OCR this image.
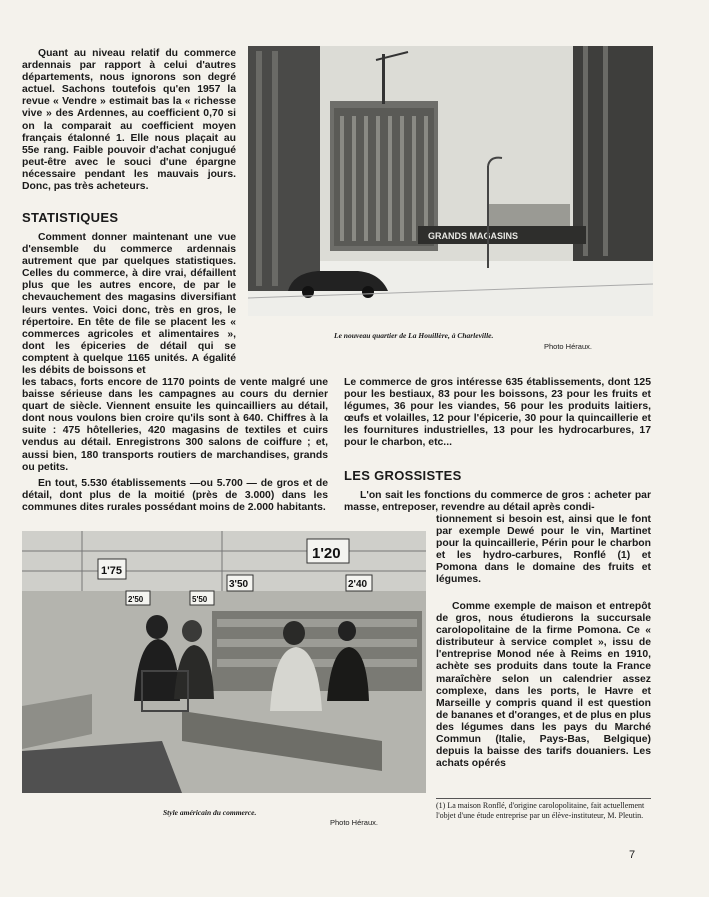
Quant au niveau relatif du commerce ardennais par rapport à celui d'autres départements, nous ignorons son degré actuel. Sachons toutefois qu'en 1957 la revue « Vendre » estimait bas la « richesse vive » des Ardennes, au coefficient 0,70 si on la comparait au coefficient moyen français étalonné 1. Elle nous plaçait au 55e rang. Faible pouvoir d'achat conjugué peut-être avec le souci d'une épargne nécessaire pendant les mauvais jours. Donc, pas très acheteurs.

STATISTIQUES

Comment donner maintenant une vue d'ensemble du commerce ardennais autrement que par quelques statistiques. Celles du commerce, à dire vrai, défaillent plus que les autres encore, de par le chevauchement des magasins diversifiant leurs ventes. Voici donc, très en gros, le répertoire. En tête de file se placent les « commerces agricoles et alimentaires », dont les épiceries de détail qui se comptent à quelque 1165 unités. A égalité les débits de boissons et

les tabacs, forts encore de 1170 points de vente malgré une baisse sérieuse dans les campagnes au cours du dernier quart de siècle. Viennent ensuite les quincailliers au détail, dont nous voulons bien croire qu'ils sont à 640. Chiffres à la suite : 475 hôtelleries, 420 magasins de textiles et cuirs vendus au détail. Enregistrons 300 salons de coiffure ; et, aussi bien, 180 transports routiers de marchandises, grands ou petits.

En tout, 5.530 établissements —ou 5.700 — de gros et de détail, dont plus de la moitié (près de 3.000) dans les communes dites rurales possédant moins de 2.000 habitants.

GRANDS MAGASINS
Le nouveau quartier de La Houillère, à Charleville.
Photo Héraux.

Le commerce de gros intéresse 635 établissements, dont 125 pour les bestiaux, 83 pour les boissons, 23 pour les fruits et légumes, 36 pour les viandes, 56 pour les produits laitiers, œufs et volailles, 12 pour l'épicerie, 30 pour la quincaillerie et les fournitures industrielles, 13 pour les hydrocarbures, 17 pour le charbon, etc...

LES GROSSISTES

L'on sait les fonctions du commerce de gros : acheter par masse, entreposer, revendre au détail après condi-

tionnement si besoin est, ainsi que le font par exemple Dewé pour le vin, Martinet pour la quincaillerie, Périn pour le charbon et les hydro-carbures, Ronflé (1) et Pomona dans le domaine des fruits et légumes.

Comme exemple de maison et entrepôt de gros, nous étudierons la succursale carolopolitaine de la firme Pomona. Ce « distributeur à service complet », issu de l'entreprise Monod née à Reims en 1910, achète ses produits dans toute la France maraîchère selon un calendrier assez complexe, dans les ports, le Havre et Marseille y compris quand il est question de bananes et d'oranges, et de plus en plus des légumes dans les pays du Marché Commun (Italie, Pays-Bas, Belgique) depuis la baisse des tarifs douaniers. Les achats opérés

1'20
1'75
3'50	2'40
5'50
2'50
Style américain du commerce.
Photo Héraux.
(1) La maison Ronflé, d'origine carolopolitaine, fait actuellement l'objet d'une étude entreprise par un élève-instituteur, M. Pleutin.
7
